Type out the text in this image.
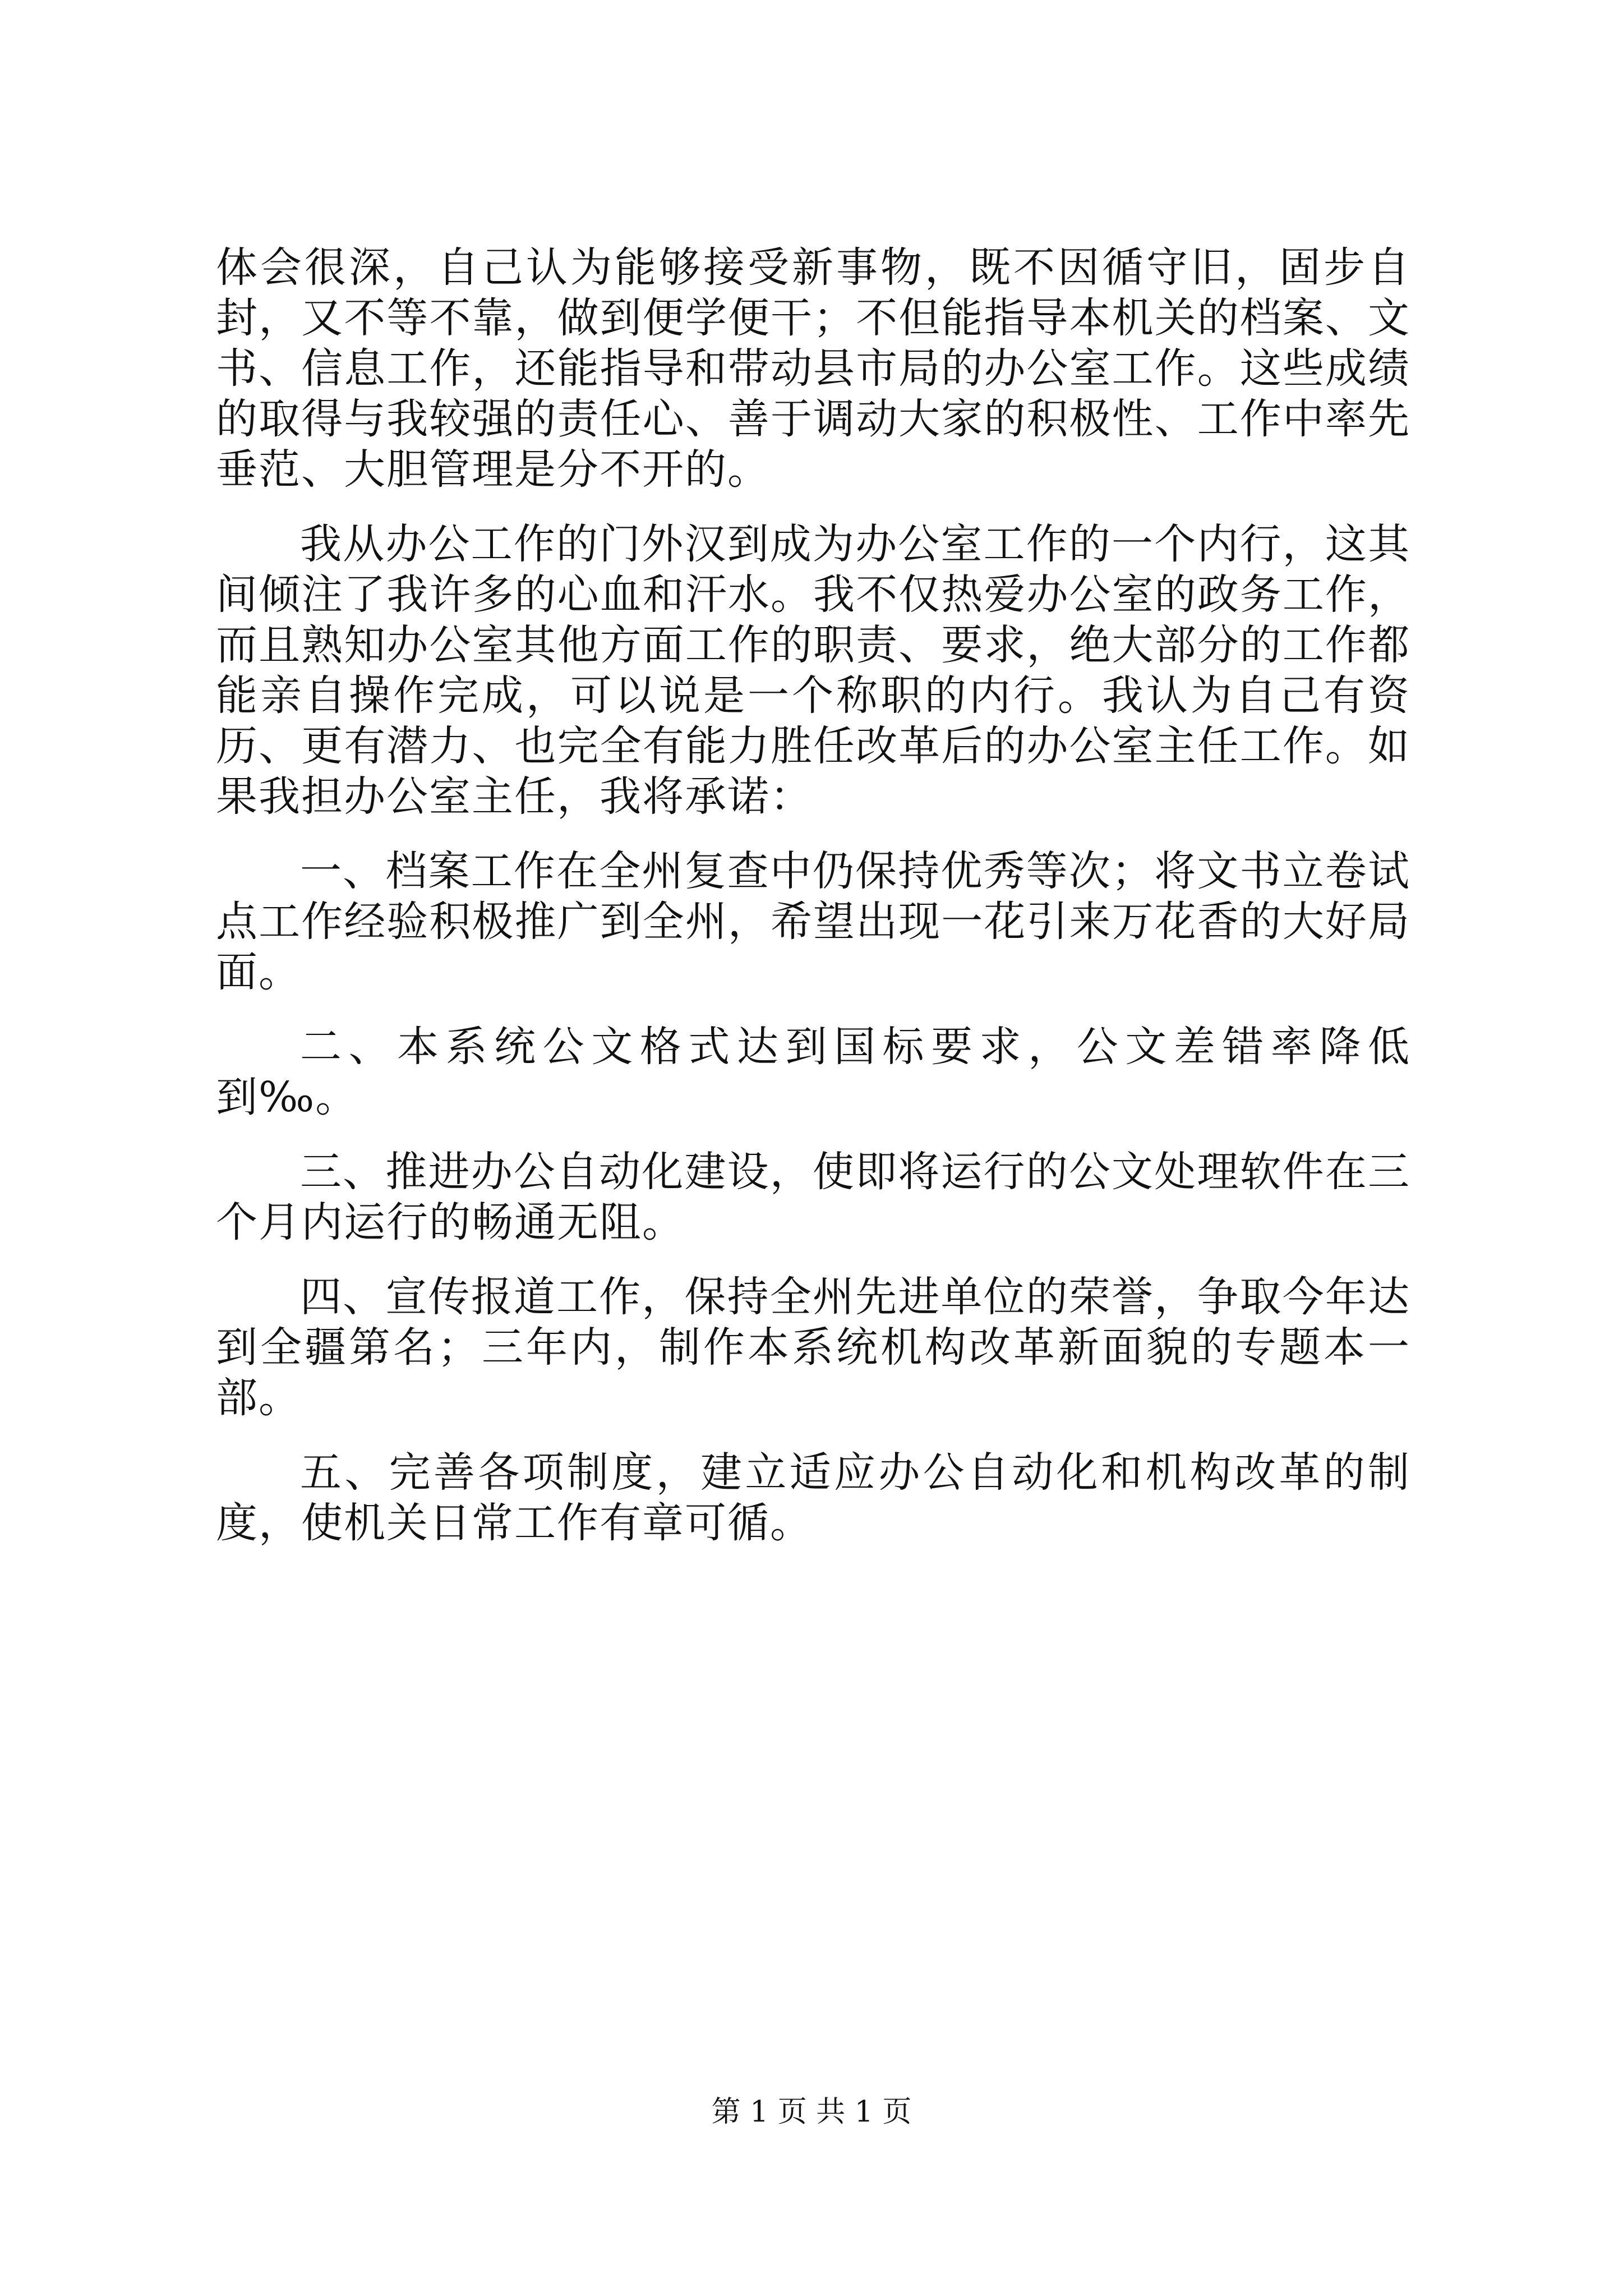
体会很深，自己认为能够接受新事物，既不因循守旧，固步自封，又不等不靠，做到便学便干；不但能指导本机关的档案、文书、信息工作，还能指导和带动县市局的办公室工作。这些成绩的取得与我较强的责任心、善于调动大家的积极性、工作中率先垂范、大胆管理是分不开的。

我从办公工作的门外汉到成为办公室工作的一个内行，这其间倾注了我许多的心血和汗水。我不仅热爱办公室的政务工作，而且熟知办公室其他方面工作的职责、要求，绝大部分的工作都能亲自操作完成，可以说是一个称职的内行。我认为自己有资历、更有潜力、也完全有能力胜任改革后的办公室主任工作。如果我担办公室主任，我将承诺：

一、档案工作在全州复查中仍保持优秀等次；将文书立卷试点工作经验积极推广到全州，希望出现一花引来万花香的大好局面。

二、本系统公文格式达到国标要求，公文差错率降低到‰。

三、推进办公自动化建设，使即将运行的公文处理软件在三个月内运行的畅通无阻。

四、宣传报道工作，保持全州先进单位的荣誉，争取今年达到全疆第名；三年内，制作本系统机构改革新面貌的专题本一部。

五、完善各项制度，建立适应办公自动化和机构改革的制度，使机关日常工作有章可循。

第 1 页 共 1 页
